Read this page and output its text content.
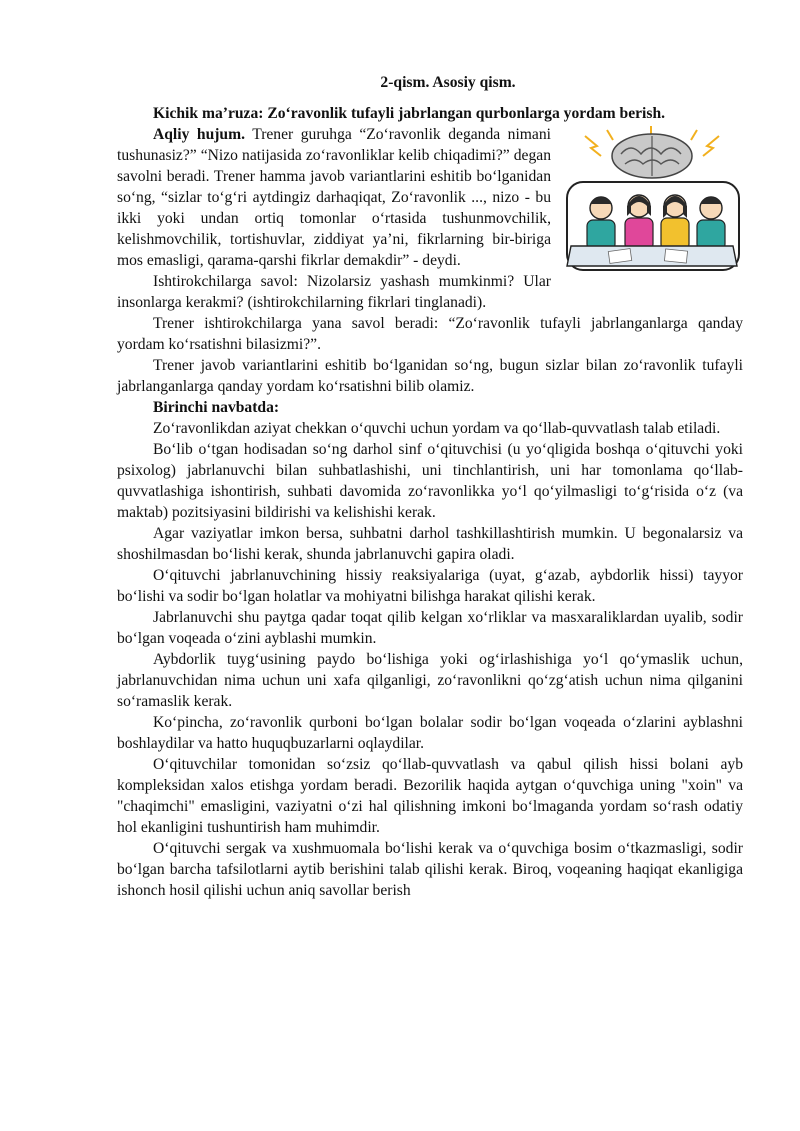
2-qism. Asosiy qism.

Kichik ma’ruza: Zo‘ravonlik tufayli jabrlangan qurbonlarga yordam berish.

Aqliy hujum. Trener guruhga “Zo‘ravonlik deganda nimani tushunasiz?” “Nizo natijasida zo‘ravonliklar kelib chiqadimi?” degan savolni beradi. Trener hamma javob variantlarini eshitib bo‘lganidan so‘ng, “sizlar to‘g‘ri aytdingiz darhaqiqat, Zo‘ravonlik ..., nizo - bu ikki yoki undan ortiq tomonlar o‘rtasida tushunmovchilik, kelishmovchilik, tortishuvlar, ziddiyat ya’ni, fikrlarning bir-biriga mos emasligi, qarama-qarshi fikrlar demakdir” - deydi.

Ishtirokchilarga savol: Nizolarsiz yashash mumkinmi? Ular insonlarga kerakmi? (ishtirokchilarning fikrlari tinglanadi).

Trener ishtirokchilarga yana savol beradi: “Zo‘ravonlik tufayli jabrlanganlarga qanday yordam ko‘rsatishni bilasizmi?”.

Trener javob variantlarini eshitib bo‘lganidan so‘ng, bugun sizlar bilan zo‘ravonlik tufayli jabrlanganlarga qanday yordam ko‘rsatishni bilib olamiz.

Birinchi navbatda:

Zo‘ravonlikdan aziyat chekkan o‘quvchi uchun yordam va qo‘llab-quvvatlash talab etiladi.

Bo‘lib o‘tgan hodisadan so‘ng darhol sinf o‘qituvchisi (u yo‘qligida boshqa o‘qituvchi yoki psixolog) jabrlanuvchi bilan suhbatlashishi, uni tinchlantirish, uni har tomonlama qo‘llab-quvvatlashiga ishontirish, suhbati davomida zo‘ravonlikka yo‘l qo‘yilmasligi to‘g‘risida o‘z (va maktab) pozitsiyasini bildirishi va kelishishi kerak.

Agar vaziyatlar imkon bersa, suhbatni darhol tashkillashtirish mumkin. U begonalarsiz va shoshilmasdan bo‘lishi kerak, shunda jabrlanuvchi gapira oladi.

O‘qituvchi jabrlanuvchining hissiy reaksiyalariga (uyat, g‘azab, aybdorlik hissi) tayyor bo‘lishi va sodir bo‘lgan holatlar va mohiyatni bilishga harakat qilishi kerak.

Jabrlanuvchi shu paytga qadar toqat qilib kelgan xo‘rliklar va masxaraliklardan uyalib, sodir bo‘lgan voqeada o‘zini ayblashi mumkin.

Aybdorlik tuyg‘usining paydo bo‘lishiga yoki og‘irlashishiga yo‘l qo‘ymaslik uchun, jabrlanuvchidan nima uchun uni xafa qilganligi, zo‘ravonlikni qo‘zg‘atish uchun nima qilganini so‘ramaslik kerak.

Ko‘pincha, zo‘ravonlik qurboni bo‘lgan bolalar sodir bo‘lgan voqeada o‘zlarini ayblashni boshlaydilar va hatto huquqbuzarlarni oqlaydilar.

O‘qituvchilar tomonidan so‘zsiz qo‘llab-quvvatlash va qabul qilish hissi bolani ayb kompleksidan xalos etishga yordam beradi. Bezorilik haqida aytgan o‘quvchiga uning "xoin" va "chaqimchi" emasligini, vaziyatni o‘zi hal qilishning imkoni bo‘lmaganda yordam so‘rash odatiy hol ekanligini tushuntirish ham muhimdir.

O‘qituvchi sergak va xushmuomala bo‘lishi kerak va o‘quvchiga bosim o‘tkazmasligi, sodir bo‘lgan barcha tafsilotlarni aytib berishini talab qilishi kerak. Biroq, voqeaning haqiqat ekanligiga ishonch hosil qilishi uchun aniq savollar berish
